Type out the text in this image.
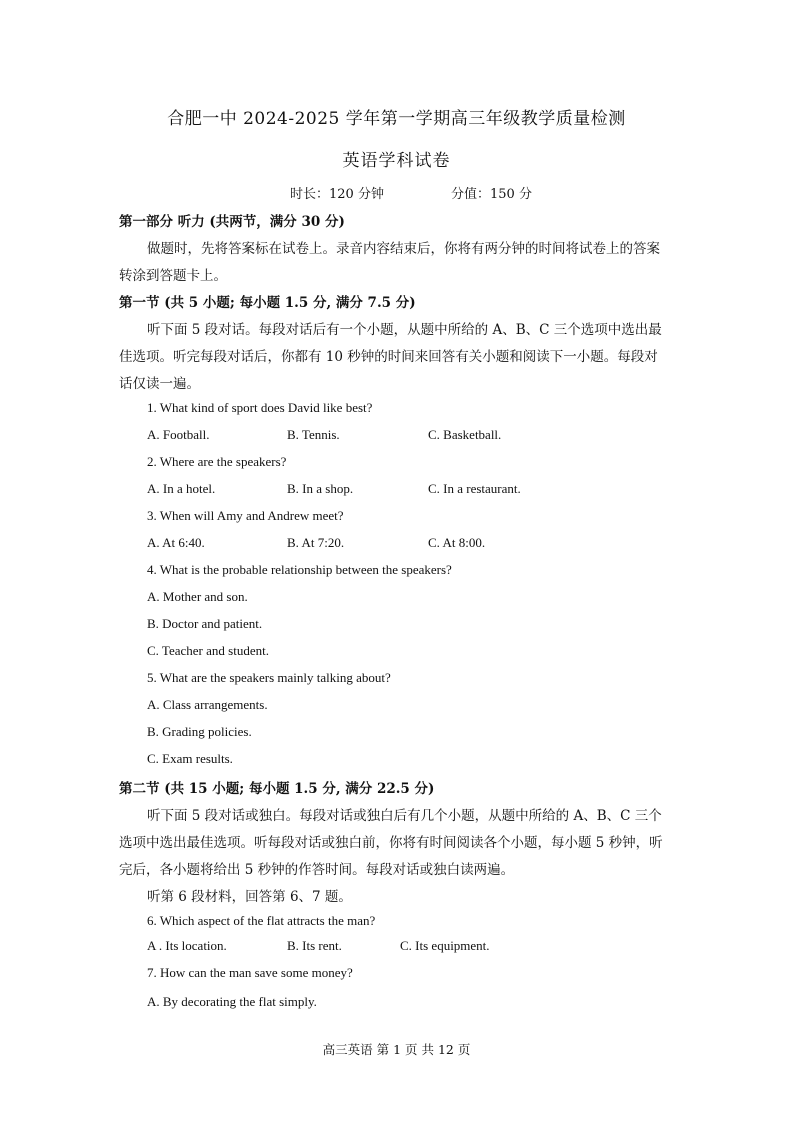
合肥一中 2024-2025 学年第一学期高三年级教学质量检测
英语学科试卷
时长：120 分钟	分值：150 分
第一部分 听力 (共两节，满分 30 分)
做题时，先将答案标在试卷上。录音内容结束后，你将有两分钟的时间将试卷上的答案
转涂到答题卡上。
第一节 (共 5 小题; 每小题 1.5 分, 满分 7.5 分)
听下面 5 段对话。每段对话后有一个小题，从题中所给的 A、B、C 三个选项中选出最
佳选项。听完每段对话后，你都有 10 秒钟的时间来回答有关小题和阅读下一小题。每段对
话仅读一遍。
1. What kind of sport does David like best?
A. Football.	B. Tennis.	C. Basketball.
2. Where are the speakers?
A. In a hotel.	B. In a shop.	C. In a restaurant.
3. When will Amy and Andrew meet?
A. At 6:40.	B. At 7:20.	C. At 8:00.
4. What is the probable relationship between the speakers?
A. Mother and son.
B. Doctor and patient.
C. Teacher and student.
5. What are the speakers mainly talking about?
A. Class arrangements.
B. Grading policies.
C. Exam results.
第二节 (共 15 小题; 每小题 1.5 分, 满分 22.5 分)
听下面 5 段对话或独白。每段对话或独白后有几个小题，从题中所给的 A、B、C 三个
选项中选出最佳选项。听每段对话或独白前，你将有时间阅读各个小题，每小题 5 秒钟，听
完后，各小题将给出 5 秒钟的作答时间。每段对话或独白读两遍。
听第 6 段材料，回答第 6、7 题。
6. Which aspect of the flat attracts the man?
A . Its location.	B. Its rent.	C. Its equipment.
7. How can the man save some money?
A. By decorating the flat simply.
高三英语 第 1 页 共 12 页
